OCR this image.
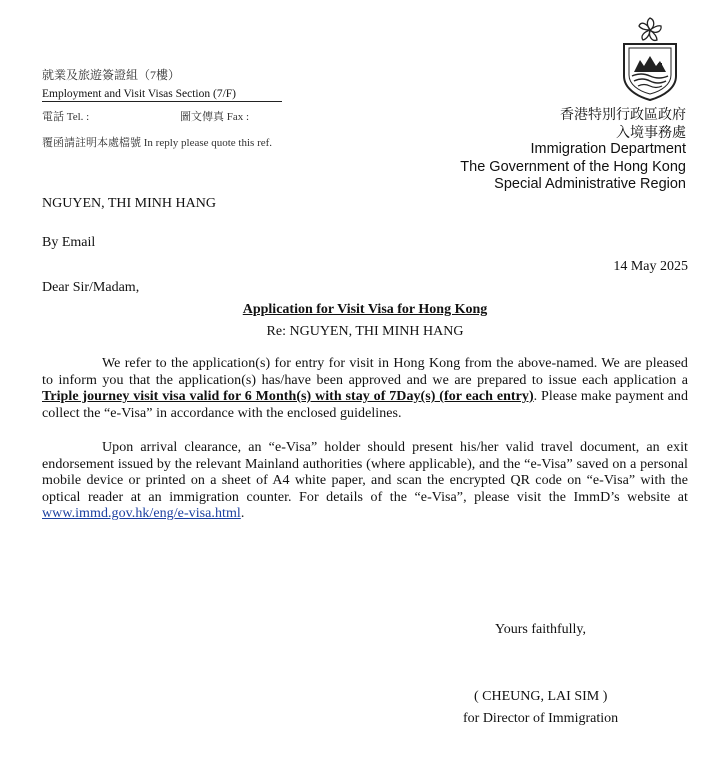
就業及旅遊簽證組（7樓）
Employment and Visit Visas Section (7/F)
電話 Tel. :	圖文傳真 Fax :
覆函請註明本處檔號 In reply please quote this ref.
香港特別行政區政府
入境事務處
Immigration Department
The Government of the Hong Kong
Special Administrative Region
NGUYEN, THI MINH HANG
By Email
14 May 2025
Dear Sir/Madam,
Application for Visit Visa for Hong Kong
Re: NGUYEN, THI MINH HANG
We refer to the application(s) for entry for visit in Hong Kong from the above-named. We are pleased to inform you that the application(s) has/have been approved and we are prepared to issue each application a Triple journey visit visa valid for 6 Month(s) with stay of 7Day(s) (for each entry). Please make payment and collect the “e-Visa” in accordance with the enclosed guidelines.
Upon arrival clearance, an “e-Visa” holder should present his/her valid travel document, an exit endorsement issued by the relevant Mainland authorities (where applicable), and the “e-Visa” saved on a personal mobile device or printed on a sheet of A4 white paper, and scan the encrypted QR code on “e-Visa” with the optical reader at an immigration counter. For details of the “e-Visa”, please visit the ImmD’s website at www.immd.gov.hk/eng/e-visa.html.
Yours faithfully,
( CHEUNG, LAI SIM )
for Director of Immigration
